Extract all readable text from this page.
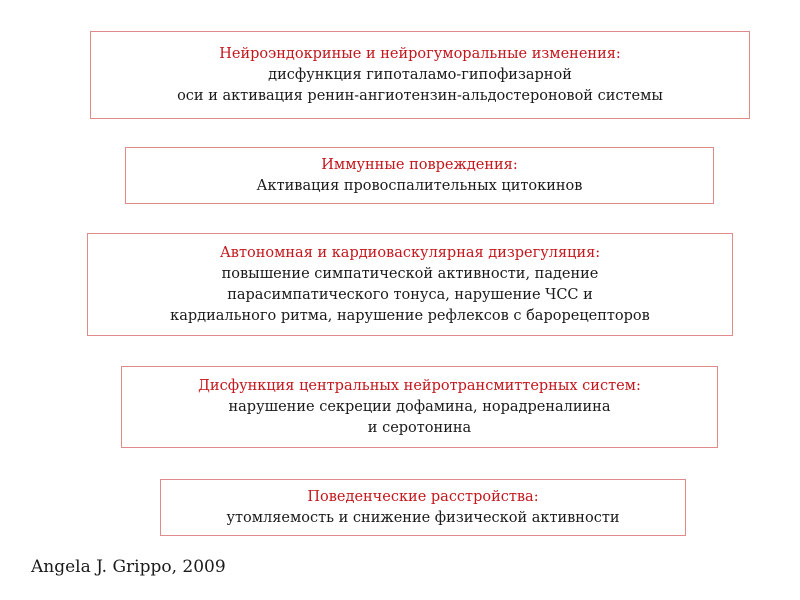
Нейроэндокриные и нейрогуморальные изменения:
дисфункция гипоталамо-гипофизарной
оси и активация ренин-ангиотензин-альдостероновой системы
Иммунные повреждения:
Активация провоспалительных цитокинов
Автономная и кардиоваскулярная дизрегуляция:
повышение симпатической активности, падение
парасимпатического тонуса, нарушение ЧСС и
кардиального ритма, нарушение рефлексов с барорецепторов
Дисфункция центральных нейротрансмиттерных систем:
нарушение секреции дофамина, норадреналиина
и серотонина
Поведенческие расстройства:
утомляемость и снижение физической активности
Angela J. Grippo, 2009
